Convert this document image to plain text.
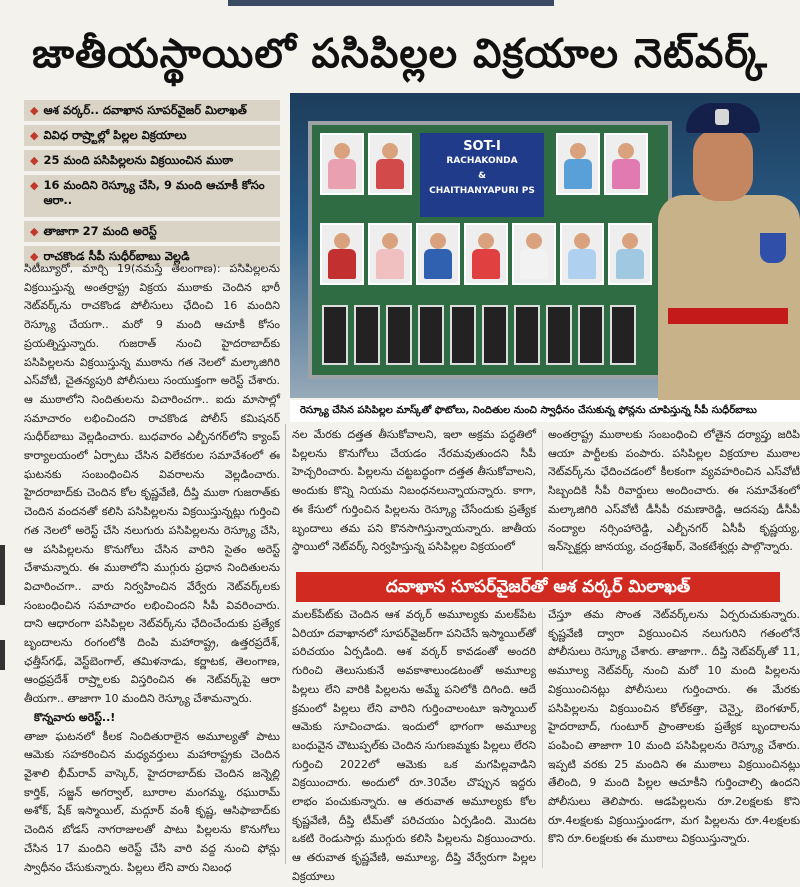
జాతీయస్థాయిలో పసిపిల్లల విక్రయాల నెట్‌వర్క్
◆ ఆశ వర్కర్‌.. దవాఖాన సూపర్‌వైజర్‌ మిలాఖత్‌
◆ వివిధ రాష్ర్టాల్లో పిల్లల విక్రయాలు
◆ 25 మంది పసిపిల్లలను విక్రయించిన ముఠా
◆ 16 మందిని రెస్క్యూ చేసి, 9 మంది ఆచూకీ కోసం ఆరా..
◆ తాజాగా 27 మంది అరెస్ట్‌
◆ రాచకొండ సీపీ సుధీర్‌బాబు వెల్లడి

సిటీబ్యూరో, మార్చి 19(నమస్తే తెలంగాణ): పసిపిల్లలను విక్రయిస్తున్న అంతర్రాష్ట్ర విక్రయ ముఠాకు చెందిన భారీ నెట్‌వర్క్‌ను రాచకొండ పోలీసులు ఛేదించి 16 మందిని రెస్క్యూ చేయగా.. మరో 9 మంది ఆచూకీ కోసం ప్రయత్నిస్తున్నారు. గుజరాత్‌ నుంచి హైదరాబాద్‌కు పసిపిల్లలను విక్రయిస్తున్న ముఠాను గత నెలలో మల్కాజిగిరి ఎస్‌వోటీ, చైతన్యపురి పోలీసులు సంయుక్తంగా అరెస్ట్‌ చేశారు. ఆ ముఠాలోని నిందితులను విచారించగా.. ఐదు మాసాల్లో సమాచారం లభించిందని రాచకొండ పోలీస్‌ కమిషనర్‌ సుధీర్‌బాబు వెల్లడించారు. బుధవారం ఎల్బీనగర్‌లోని క్యాంప్‌ కార్యాలయంలో ఏర్పాటు చేసిన విలేకరుల సమావేశంలో ఈ ఘటనకు సంబంధించిన వివరాలను వెల్లడించారు. హైదరాబాద్‌కు చెందిన కోల కృష్ణవేణి, దీప్తి ముఠా గుజరాత్‌కు చెందిన వందనతో కలిసి పసిపిల్లలను విక్రయిస్తున్నట్లు గుర్తించి గత నెలలో అరెస్ట్‌ చేసి నలుగురు పసిపిల్లలను రెస్క్యూ చేసి, ఆ పసిపిల్లలను కొనుగోలు చేసిన వారిని సైతం అరెస్ట్‌ చేశామన్నారు. ఈ ముఠాలోని ముగ్గురు ప్రధాన నిందితులను విచారించగా.. వారు నిర్వహించిన వేర్వేరు నెట్‌వర్క్‌లకు సంబంధించిన సమాచారం లభించిందని సీపీ వివరించారు. దాని ఆధారంగా పసిపిల్లల నెట్‌వర్క్‌ను ఛేదించేందుకు ప్రత్యేక బృందాలను రంగంలోకి దింపి మహారాష్ట్ర, ఉత్తరప్రదేశ్‌, ఛత్తీస్‌గఢ్‌, వెస్ట్‌బెంగాల్‌, తమిళనాడు, కర్ణాటక, తెలంగాణ, ఆంధ్రప్రదేశ్‌ రాష్ర్టాలకు విస్తరించిన ఈ నెట్‌వర్క్‌పై ఆరా తీయగా.. తాజాగా 10 మందిని రెస్క్యూ చేశామన్నారు.

కొన్నవారు అరెస్ట్‌..!

తాజా ఘటనలో కీలక నిందితురాలైన అమూల్యతో పాటు ఆమెకు సహకరించిన మధ్యవర్తులు మహారాష్ట్రకు చెందిన వైశాలి భీమ్‌రావ్‌ వాస్కెర్‌, హైదరాబాద్‌కు చెందిన జన్నెల్లి కార్తిక్‌, సజ్జన్‌ అగర్వాల్‌, బూరాల మంగమ్మ, రఘురామ్‌ అశోక్‌, షేక్‌ ఇస్మాయిల్‌, మద్గూర్‌ వంశీ కృష్ణ, ఆసిఫాబాద్‌కు చెందిన బోడస్‌ నాగరాజులతో పాటు పిల్లలను కొనుగోలు చేసిన 17 మందిని అరెస్ట్‌ చేసి వారి వద్ద నుంచి ఫోన్లు స్వాధీనం చేసుకున్నారు. పిల్లలు లేని వారు నిబంధ

SOT-I
RACHAKONDA
&
CHAITHANYAPURI PS
రెస్క్యూ చేసిన పసిపిల్లల మాస్క్‌తో ఫొటోలు, నిందితుల నుంచి స్వాధీనం చేసుకున్న ఫోన్లను చూపిస్తున్న సీపీ సుధీర్‌బాబు

నల మేరకు దత్తత తీసుకోవాలని, ఇలా అక్రమ పద్ధతిలో పిల్లలను కొనుగోలు చేయడం నేరమవుతుందని సీపీ హెచ్చరించారు. పిల్లలను చట్టబద్ధంగా దత్తత తీసుకోవాలని, అందుకు కొన్ని నియమ నిబంధనలున్నాయన్నారు. కాగా, ఈ కేసులో గుర్తించిన పిల్లలను రెస్క్యూ చేసేందుకు ప్రత్యేక బృందాలు తమ పని కొనసాగిస్తున్నాయన్నారు. జాతీయ స్థాయిలో నెట్‌వర్క్‌ నిర్వహిస్తున్న పసిపిల్లల విక్రయంలో

అంతర్రాష్ట్ర ముఠాలకు సంబంధించి లోతైన దర్యాప్తు జరిపి ఆయా పార్టీలకు పంపారు. పసిపిల్లల విక్రయాల ముఠాల నెట్‌వర్క్‌ను ఛేదించడంలో కీలకంగా వ్యవహరించిన ఎస్‌వోటీ సిబ్బందికి సీపీ రివార్డులు అందించారు. ఈ సమావేశంలో మల్కాజిగిరి ఎస్‌వోటీ డీసీపీ రమణారెడ్డి, ఆదనపు డీసీపీ నంద్యాల నర్సింహారెడ్డి, ఎల్బీనగర్‌ ఏసీపీ కృష్ణయ్య, ఇన్‌స్పెక్టర్లు జానయ్య, చంద్రశేఖర్‌, వెంకటేశ్వర్లు పాల్గొన్నారు.

దవాఖాన సూపర్‌వైజర్‌తో ఆశ వర్కర్‌ మిలాఖత్‌

మలక్‌పేట్‌కు చెందిన ఆశ వర్కర్‌ అమూల్యకు మలక్‌పేట ఏరియా దవాఖానలో సూపర్‌వైజర్‌గా పనిచేసే ఇస్మాయిల్‌తో పరిచయం ఏర్పడింది. ఆశ వర్కర్‌ కావడంతో అందరి గురించి తెలుసుకునే అవకాశాలుండటంతో అమూల్య పిల్లలు లేని వారికి పిల్లలను అమ్మే పనిలోకి దిగింది. ఆదే క్రమంలో పిల్లలు లేని వారిని గుర్తించాలంటూ ఇస్మాయిల్‌ ఆమెకు సూచించాడు. ఇందులో భాగంగా అమూల్య బంధువైన చౌటుప్పల్‌కు చెందిన సుగుణమ్మకు పిల్లలు లేరని గుర్తించి 2022లో ఆమెకు ఒక మగపిల్లవాడిని విక్రయించారు. అందులో రూ.30వేల చొప్పున ఇద్దరు లాభం పంచుకున్నారు. ఆ తరువాత అమూల్యకు కోల కృష్ణవేణి, దీప్తి టీమ్‌తో పరిచయం ఏర్పడింది. మొదట ఒకటి రెండుసార్లు ముగ్గురు కలిసి పిల్లలను విక్రయించారు. ఆ తరువాత కృష్ణవేణి, అమూల్య, దీప్తి వేర్వేరుగా పిల్లల విక్రయాలు

చేస్తూ తమ సొంత నెట్‌వర్క్‌లను ఏర్పరుచుకున్నారు. కృష్ణవేణి ద్వారా విక్రయించిన నలుగురిని గతంలోనే పోలీసులు రెస్క్యూ చేశారు. తాజాగా.. దీప్తి నెట్‌వర్క్‌తో 11, అమూల్య నెట్‌వర్క్‌ నుంచి మరో 10 మంది పిల్లలను విక్రయించినట్లు పోలీసులు గుర్తించారు. ఈ మేరకు పసిపిల్లలను విక్రయించిన కోల్‌కత్తా, చెన్నై, బెంగళూర్‌, హైదరాబాద్‌, గుంటూర్‌ ప్రాంతాలకు ప్రత్యేక బృందాలను పంపించి తాజాగా 10 మంది పసిపిల్లలను రెస్క్యూ చేశారు. ఇప్పటి వరకు 25 మందిని ఈ ముఠాలు విక్రయించినట్లు తేలింది, 9 మంది పిల్లల ఆచూకీని గుర్తించాల్సి ఉందని పోలీసులు తెలిపారు. ఆడపిల్లలను రూ.2లక్షలకు కొని రూ.4లక్షలకు విక్రయిస్తుండగా, మగ పిల్లలను రూ.4లక్షలకు కొని రూ.6లక్షలకు ఈ ముఠాలు విక్రయిస్తున్నారు.
